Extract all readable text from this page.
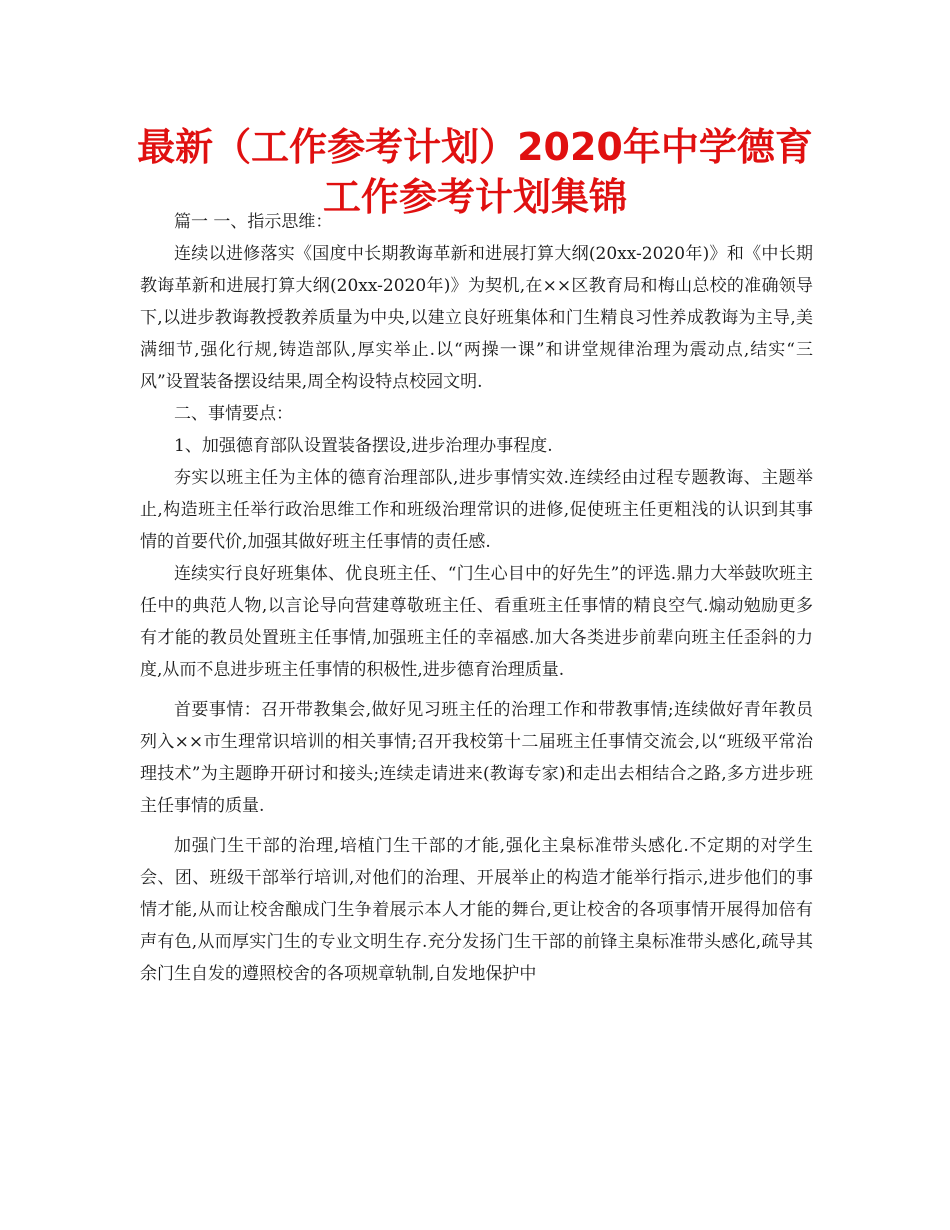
最新（工作参考计划）2020年中学德育工作参考计划集锦

篇一 一、指示思维：

连续以进修落实《国度中长期教诲革新和进展打算大纲(20xx-2020年)》和《中长期教诲革新和进展打算大纲(20xx-2020年)》为契机,在××区教育局和梅山总校的准确领导下,以进步教诲教授教养质量为中央,以建立良好班集体和门生精良习性养成教诲为主导,美满细节,强化行规,铸造部队,厚实举止.以“两操一课”和讲堂规律治理为震动点,结实“三风”设置装备摆设结果,周全构设特点校园文明.

二、事情要点：

1、加强德育部队设置装备摆设,进步治理办事程度.

夯实以班主任为主体的德育治理部队,进步事情实效.连续经由过程专题教诲、主题举止,构造班主任举行政治思维工作和班级治理常识的进修,促使班主任更粗浅的认识到其事情的首要代价,加强其做好班主任事情的责任感.

连续实行良好班集体、优良班主任、“门生心目中的好先生”的评选.鼎力大举鼓吹班主任中的典范人物,以言论导向营建尊敬班主任、看重班主任事情的精良空气.煽动勉励更多有才能的教员处置班主任事情,加强班主任的幸福感.加大各类进步前辈向班主任歪斜的力度,从而不息进步班主任事情的积极性,进步德育治理质量.

首要事情：召开带教集会,做好见习班主任的治理工作和带教事情;连续做好青年教员列入××市生理常识培训的相关事情;召开我校第十二届班主任事情交流会,以“班级平常治理技术”为主题睁开研讨和接头;连续走请进来(教诲专家)和走出去相结合之路,多方进步班主任事情的质量.

加强门生干部的治理,培植门生干部的才能,强化主臬标准带头感化.不定期的对学生会、团、班级干部举行培训,对他们的治理、开展举止的构造才能举行指示,进步他们的事情才能,从而让校舍酿成门生争着展示本人才能的舞台,更让校舍的各项事情开展得加倍有声有色,从而厚实门生的专业文明生存.充分发扬门生干部的前锋主臬标准带头感化,疏导其余门生自发的遵照校舍的各项规章轨制,自发地保护中
